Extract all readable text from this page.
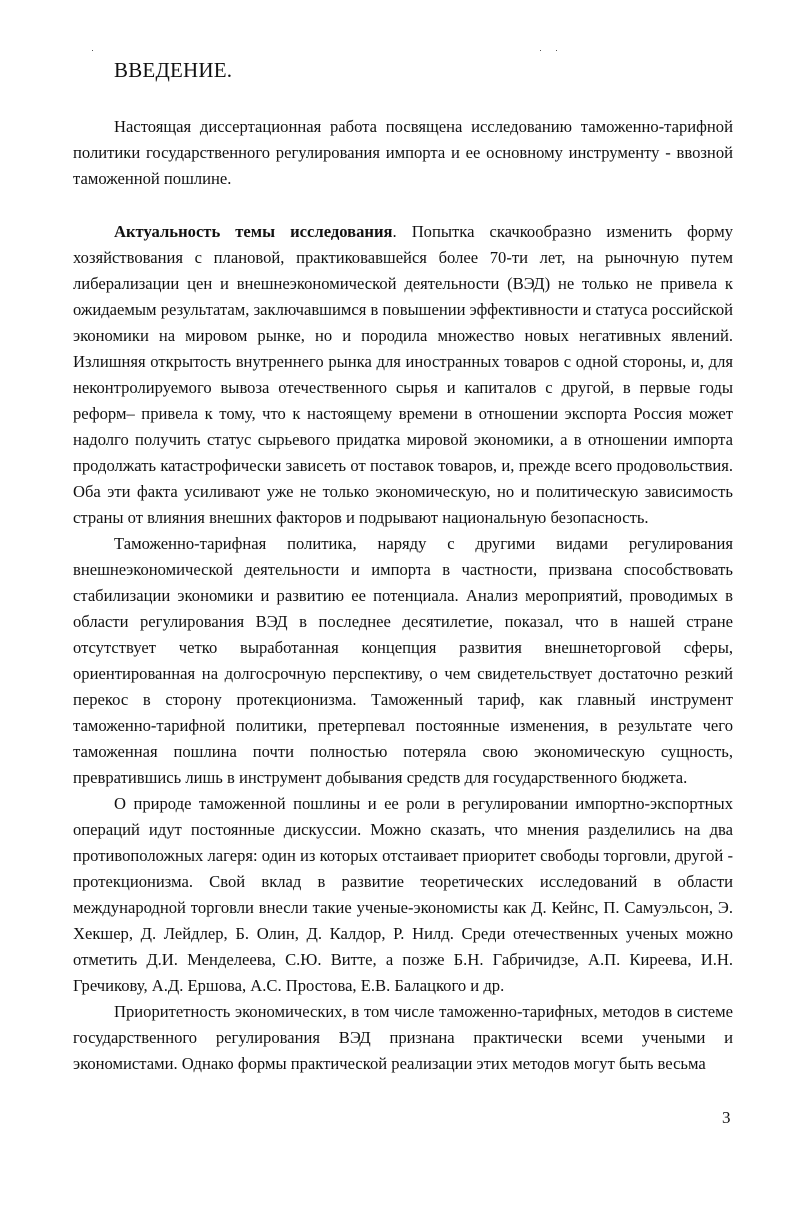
ВВЕДЕНИЕ.

Настоящая диссертационная работа посвящена исследованию таможенно-тарифной политики государственного регулирования импорта и ее основному инструменту - ввозной таможенной пошлине.

Актуальность темы исследования. Попытка скачкообразно изменить форму хозяйствования с плановой, практиковавшейся более 70-ти лет, на рыночную путем либерализации цен и внешнеэкономической деятельности (ВЭД) не только не привела к ожидаемым результатам, заключавшимся в повышении эффективности и статуса российской экономики на мировом рынке, но и породила множество новых негативных явлений. Излишняя открытость внутреннего рынка для иностранных товаров с одной стороны, и, для неконтролируемого вывоза отечественного сырья и капиталов с другой, в первые годы реформ– привела к тому, что к настоящему времени в отношении экспорта Россия может надолго получить статус сырьевого придатка мировой экономики, а в отношении импорта продолжать катастрофически зависеть от поставок товаров, и, прежде всего продовольствия. Оба эти факта усиливают уже не только экономическую, но и политическую зависимость страны от влияния внешних факторов и подрывают национальную безопасность.

Таможенно-тарифная политика, наряду с другими видами регулирования внешнеэкономической деятельности и импорта в частности, призвана способствовать стабилизации экономики и развитию ее потенциала. Анализ мероприятий, проводимых в области регулирования ВЭД в последнее десятилетие, показал, что в нашей стране отсутствует четко выработанная концепция развития внешнеторговой сферы, ориентированная на долгосрочную перспективу, о чем свидетельствует достаточно резкий перекос в сторону протекционизма. Таможенный тариф, как главный инструмент таможенно-тарифной политики, претерпевал постоянные изменения, в результате чего таможенная пошлина почти полностью потеряла свою экономическую сущность, превратившись лишь в инструмент добывания средств для государственного бюджета.

О природе таможенной пошлины и ее роли в регулировании импортно-экспортных операций идут постоянные дискуссии. Можно сказать, что мнения разделились на два противоположных лагеря: один из которых отстаивает приоритет свободы торговли, другой - протекционизма. Свой вклад в развитие теоретических исследований в области международной торговли внесли такие ученые-экономисты как Д. Кейнс, П. Самуэльсон, Э. Хекшер, Д. Лейдлер, Б. Олин, Д. Калдор, Р. Нилд. Среди отечественных ученых можно отметить Д.И. Менделеева, С.Ю. Витте, а позже Б.Н. Габричидзе, А.П. Киреева, И.Н. Гречикову, А.Д. Ершова, А.С. Простова, Е.В. Балацкого и др.

Приоритетность экономических, в том числе таможенно-тарифных, методов в системе государственного регулирования ВЭД признана практически всеми учеными и экономистами. Однако формы практической реализации этих методов могут быть весьма

3
